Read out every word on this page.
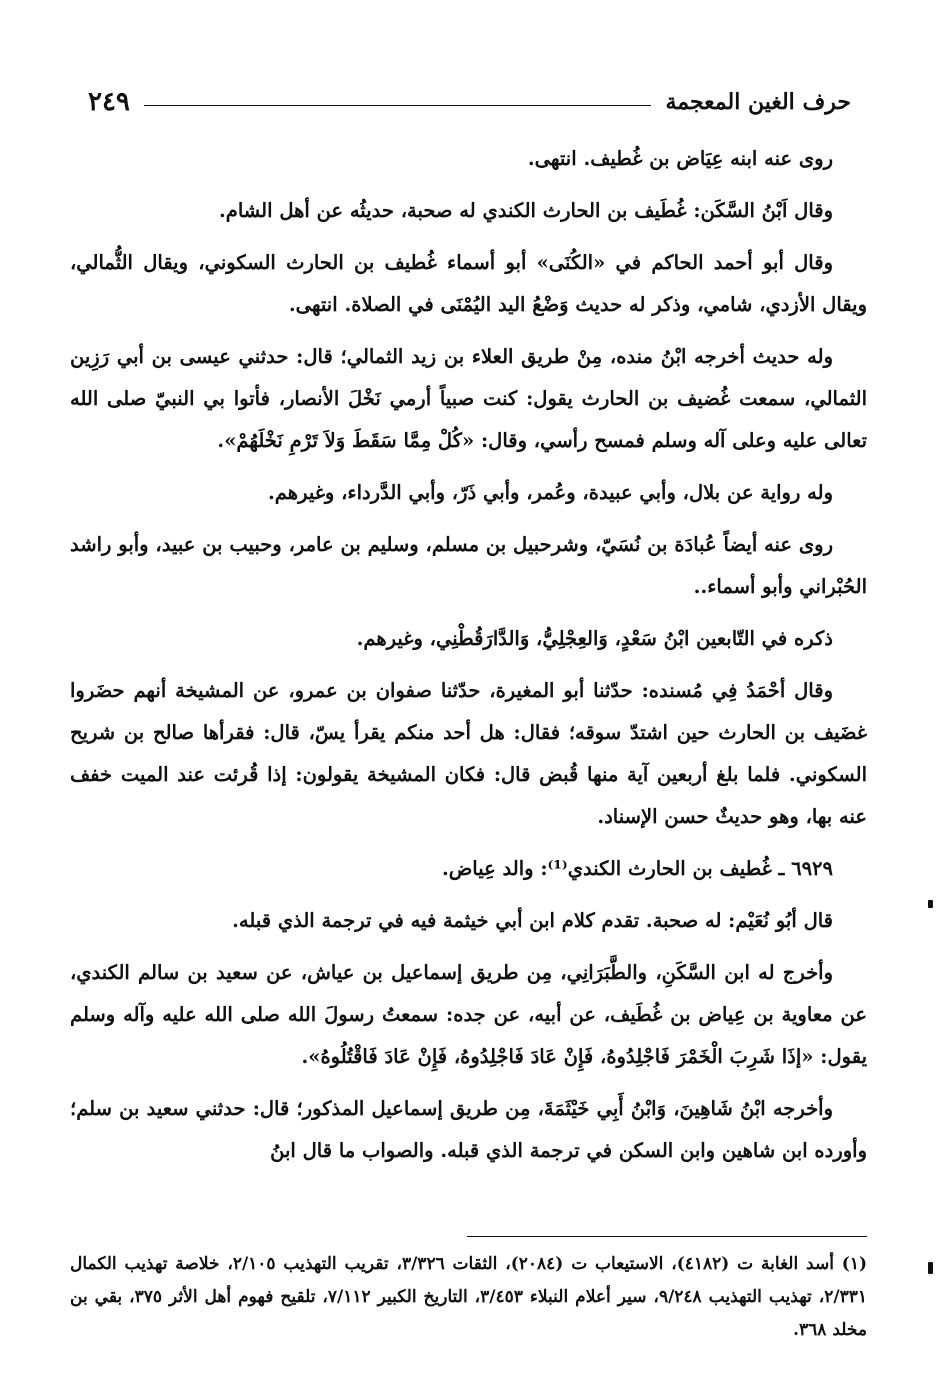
حرف الغين المعجمة
٢٤٩

روى عنه ابنه عِيَاض بن غُطيف. انتهى.

وقال اَبْنُ السَّكَن: غُطَيف بن الحارث الكندي له صحبة، حديثُه عن أهل الشام.

وقال أبو أحمد الحاكم في «الكُنَى» أبو أسماء غُطيف بن الحارث السكوني، ويقال الثُّمالي، ويقال الأزدي، شامي، وذكر له حديث وَضْعُ اليد اليُمْنَى في الصلاة. انتهى.

وله حديث أخرجه ابْنُ منده، مِنْ طريق العلاء بن زيد الثمالي؛ قال: حدثني عيسى بن أبي رَزِين الثمالي، سمعت غُضيف بن الحارث يقول: كنت صبياً أرمي نَخْلَ الأنصار، فأتوا بي النبيّ صلى الله تعالى عليه وعلى آله وسلم فمسح رأسي، وقال: «كُلْ مِمَّا سَقَطَ وَلاَ تَرْمِ نَخْلَهُمْ».

وله رواية عن بلال، وأبي عبيدة، وعُمر، وأبي ذَرّ، وأبي الدَّرداء، وغيرهم.

روى عنه أيضاً عُبادَة بن نُسَيّ، وشرحبيل بن مسلم، وسليم بن عامر، وحبيب بن عبيد، وأبو راشد الحُبْراني وأبو أسماء..

ذكره في التّابعين ابْنُ سَعْدٍ، وَالعِجْلِيُّ، وَالدَّارَقُطْنِي، وغيرهم.

وقال أحْمَدُ فِي مُسنده: حدّثنا أبو المغيرة، حدّثنا صفوان بن عمرو، عن المشيخة أنهم حضَروا غضَيف بن الحارث حين اشتدّ سوقه؛ فقال: هل أحد منكم يقرأ يسّ، قال: فقرأها صالح بن شريح السكوني. فلما بلغ أربعين آية منها قُبض قال: فكان المشيخة يقولون: إذا قُرئت عند الميت خفف عنه بها، وهو حديثٌ حسن الإسناد.

٦٩٢٩ ـ غُطيف بن الحارث الكندي⁽¹⁾: والد عِياض.

قال أبُو نُعَيْم: له صحبة. تقدم كلام ابن أبي خيثمة فيه في ترجمة الذي قبله.

وأخرج له ابن السَّكَنِ، والطَّبَرَانِي، مِن طريق إسماعيل بن عياش، عن سعيد بن سالم الكندي، عن معاوية بن عِياض بن غُطَيف، عن أبيه، عن جده: سمعتُ رسولَ الله صلى الله عليه وآله وسلم يقول: «إذَا شَرِبَ الْخَمْرَ فَاجْلِدُوهُ، فَإِنْ عَادَ فَاجْلِدُوهُ، فَإِنْ عَادَ فَاقْتُلُوهُ».

وأخرجه ابْنُ شَاهِينَ، وَابْنُ أَبِي خَيْثَمَةَ، مِن طريق إسماعيل المذكور؛ قال: حدثني سعيد بن سلم؛ وأورده ابن شاهين وابن السكن في ترجمة الذي قبله. والصواب ما قال ابنُ

(١) أسد الغابة ت (٤١٨٢)، الاستيعاب ت (٢٠٨٤)، الثقات ٣/٣٢٦، تقريب التهذيب ٢/١٠٥، خلاصة تهذيب الكمال ٢/٣٣١، تهذيب التهذيب ٩/٢٤٨، سير أعلام النبلاء ٣/٤٥٣، التاريخ الكبير ٧/١١٢، تلقيح فهوم أهل الأثر ٣٧٥، بقي بن مخلد ٣٦٨.
